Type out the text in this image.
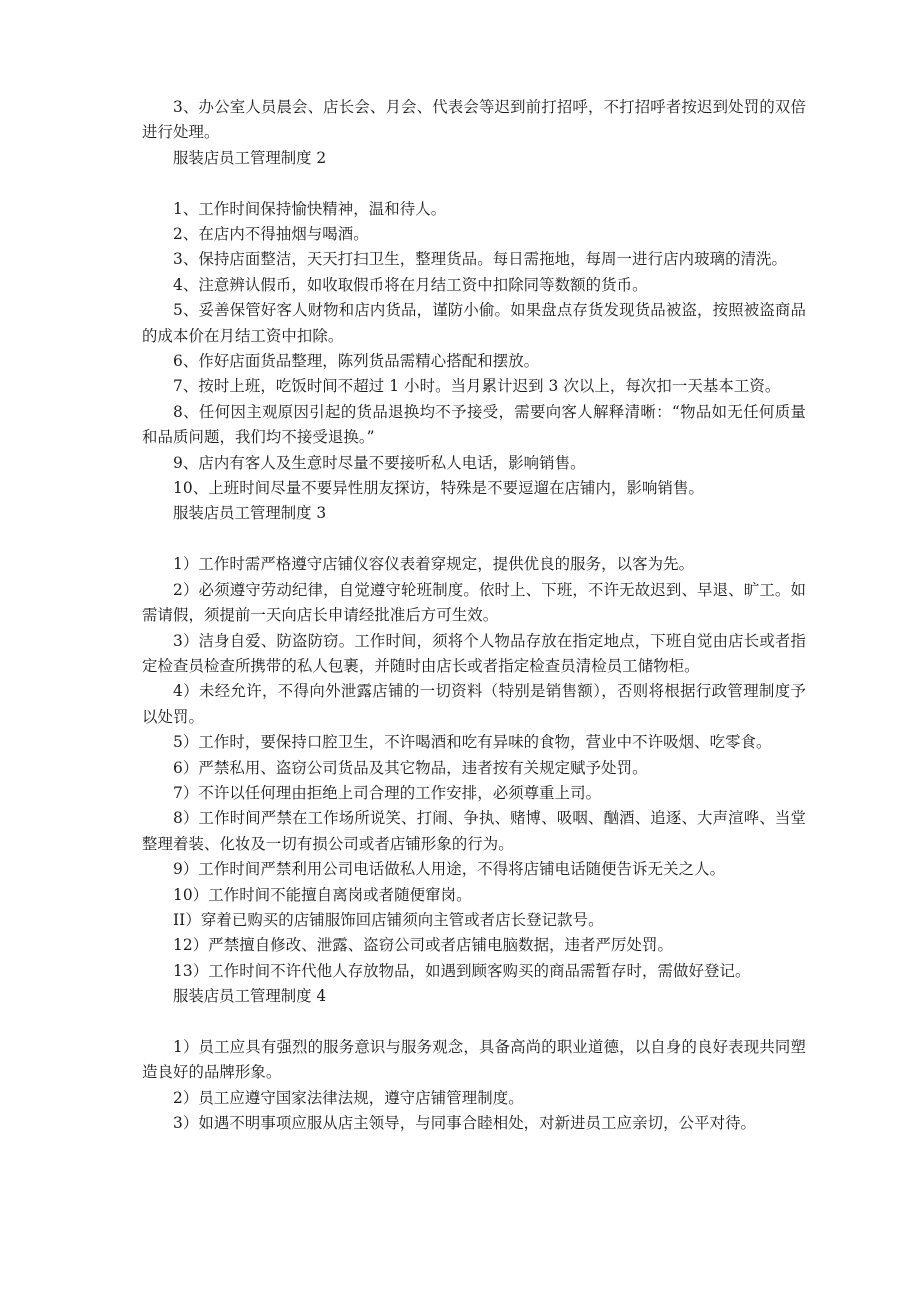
3、办公室人员晨会、店长会、月会、代表会等迟到前打招呼，不打招呼者按迟到处罚的双倍进行处理。

服装店员工管理制度 2

1、工作时间保持愉快精神，温和待人。

2、在店内不得抽烟与喝酒。

3、保持店面整洁，天天打扫卫生，整理货品。每日需拖地，每周一进行店内玻璃的清洗。

4、注意辨认假币，如收取假币将在月结工资中扣除同等数额的货币。

5、妥善保管好客人财物和店内货品，谨防小偷。如果盘点存货发现货品被盗，按照被盗商品的成本价在月结工资中扣除。

6、作好店面货品整理，陈列货品需精心搭配和摆放。

7、按时上班，吃饭时间不超过 1 小时。当月累计迟到 3 次以上，每次扣一天基本工资。

8、任何因主观原因引起的货品退换均不予接受，需要向客人解释清晰：“物品如无任何质量和品质问题，我们均不接受退换。”

9、店内有客人及生意时尽量不要接听私人电话，影响销售。

10、上班时间尽量不要异性朋友探访，特殊是不要逗遛在店铺内，影响销售。

服装店员工管理制度 3

1）工作时需严格遵守店铺仪容仪表着穿规定，提供优良的服务，以客为先。

2）必须遵守劳动纪律，自觉遵守轮班制度。依时上、下班，不许无故迟到、早退、旷工。如需请假，须提前一天向店长申请经批准后方可生效。

3）洁身自爱、防盗防窃。工作时间，须将个人物品存放在指定地点，下班自觉由店长或者指定检查员检查所携带的私人包裹，并随时由店长或者指定检查员清检员工储物柜。

4）未经允许，不得向外泄露店铺的一切资料（特别是销售额），否则将根据行政管理制度予以处罚。

5）工作时，要保持口腔卫生，不许喝酒和吃有异味的食物，营业中不许吸烟、吃零食。

6）严禁私用、盗窃公司货品及其它物品，违者按有关规定赋予处罚。

7）不许以任何理由拒绝上司合理的工作安排，必须尊重上司。

8）工作时间严禁在工作场所说笑、打闹、争执、赌博、吸咽、酗酒、追逐、大声渲哗、当堂整理着装、化妆及一切有损公司或者店铺形象的行为。

9）工作时间严禁利用公司电话做私人用途，不得将店铺电话随便告诉无关之人。

10）工作时间不能擅自离岗或者随便窜岗。

II）穿着已购买的店铺服饰回店铺须向主管或者店长登记款号。

12）严禁擅自修改、泄露、盗窃公司或者店铺电脑数据，违者严厉处罚。

13）工作时间不许代他人存放物品，如遇到顾客购买的商品需暂存时，需做好登记。

服装店员工管理制度 4

1）员工应具有强烈的服务意识与服务观念，具备高尚的职业道德，以自身的良好表现共同塑造良好的品牌形象。

2）员工应遵守国家法律法规，遵守店铺管理制度。

3）如遇不明事项应服从店主领导，与同事合睦相处，对新进员工应亲切，公平对待。
